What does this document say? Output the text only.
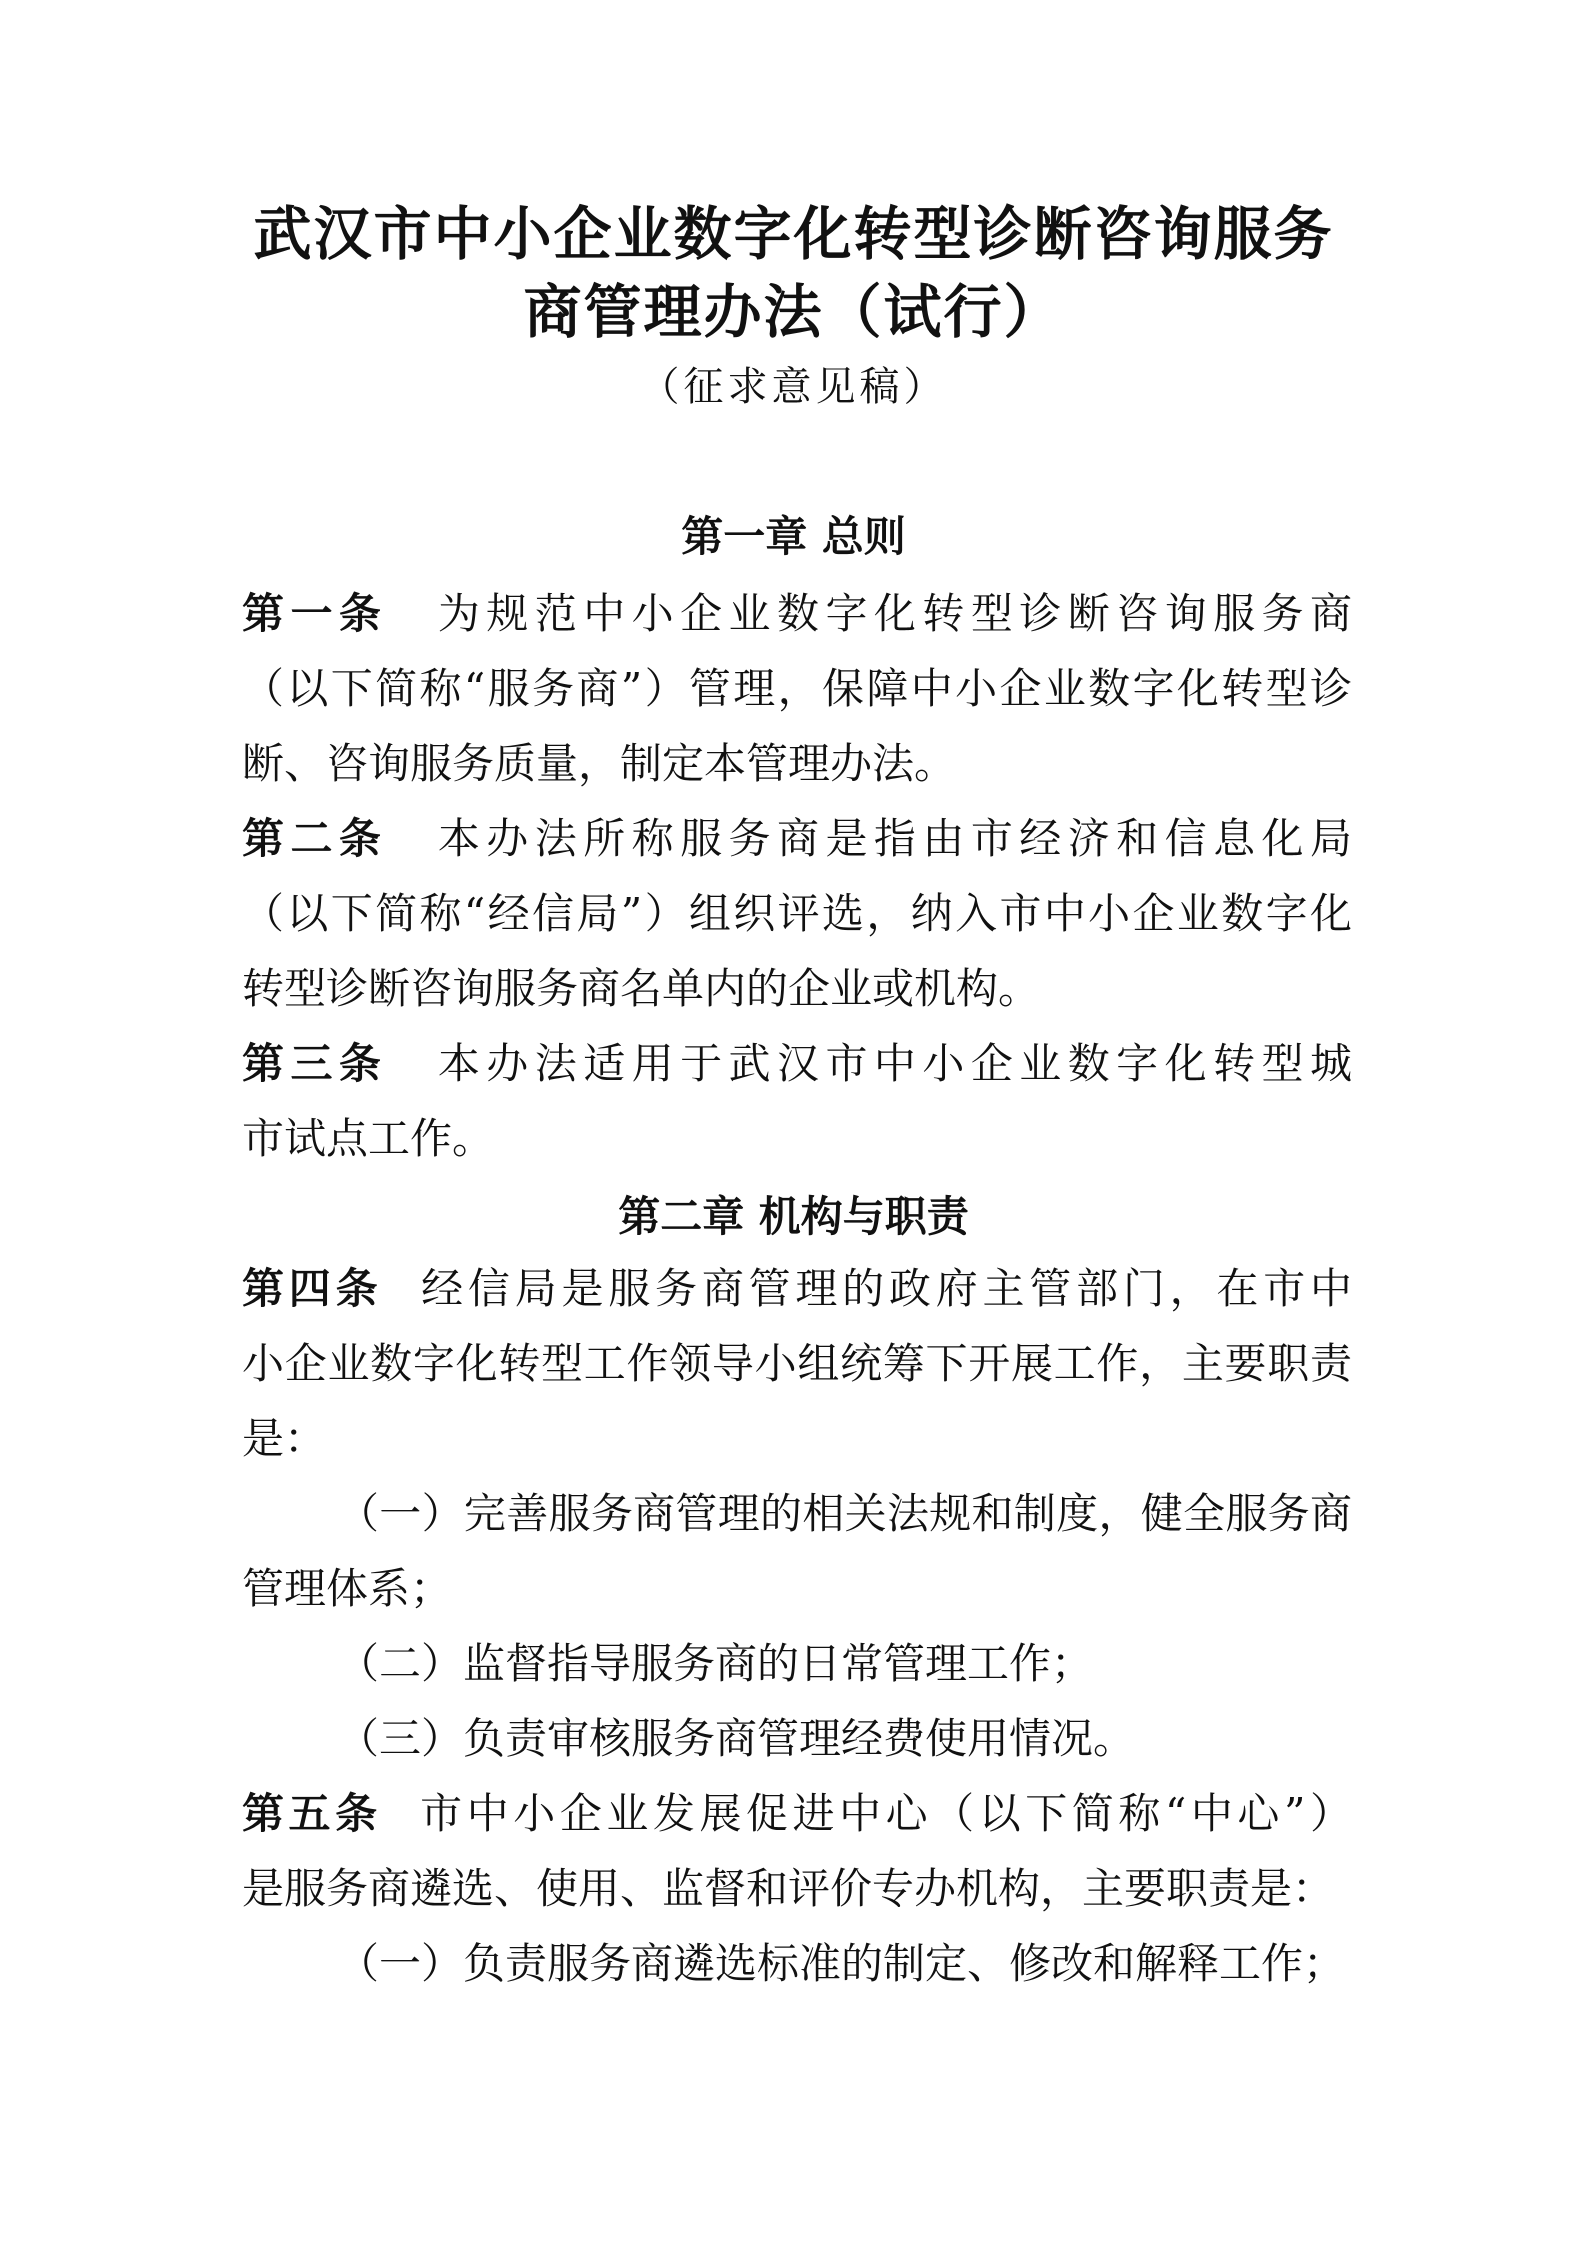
武汉市中小企业数字化转型诊断咨询服务
商管理办法（试行）
（征求意见稿）
第一章 总则
第一条 为规范中小企业数字化转型诊断咨询服务商
（以下简称“服务商”）管理，保障中小企业数字化转型诊
断、咨询服务质量，制定本管理办法。
第二条 本办法所称服务商是指由市经济和信息化局
（以下简称“经信局”）组织评选，纳入市中小企业数字化
转型诊断咨询服务商名单内的企业或机构。
第三条 本办法适用于武汉市中小企业数字化转型城
市试点工作。
第二章 机构与职责
第四条 经信局是服务商管理的政府主管部门，在市中
小企业数字化转型工作领导小组统筹下开展工作，主要职责
是：
（一）完善服务商管理的相关法规和制度，健全服务商
管理体系；
（二）监督指导服务商的日常管理工作；
（三）负责审核服务商管理经费使用情况。
第五条 市中小企业发展促进中心（以下简称“中心”）
是服务商遴选、使用、监督和评价专办机构，主要职责是：
（一）负责服务商遴选标准的制定、修改和解释工作；
